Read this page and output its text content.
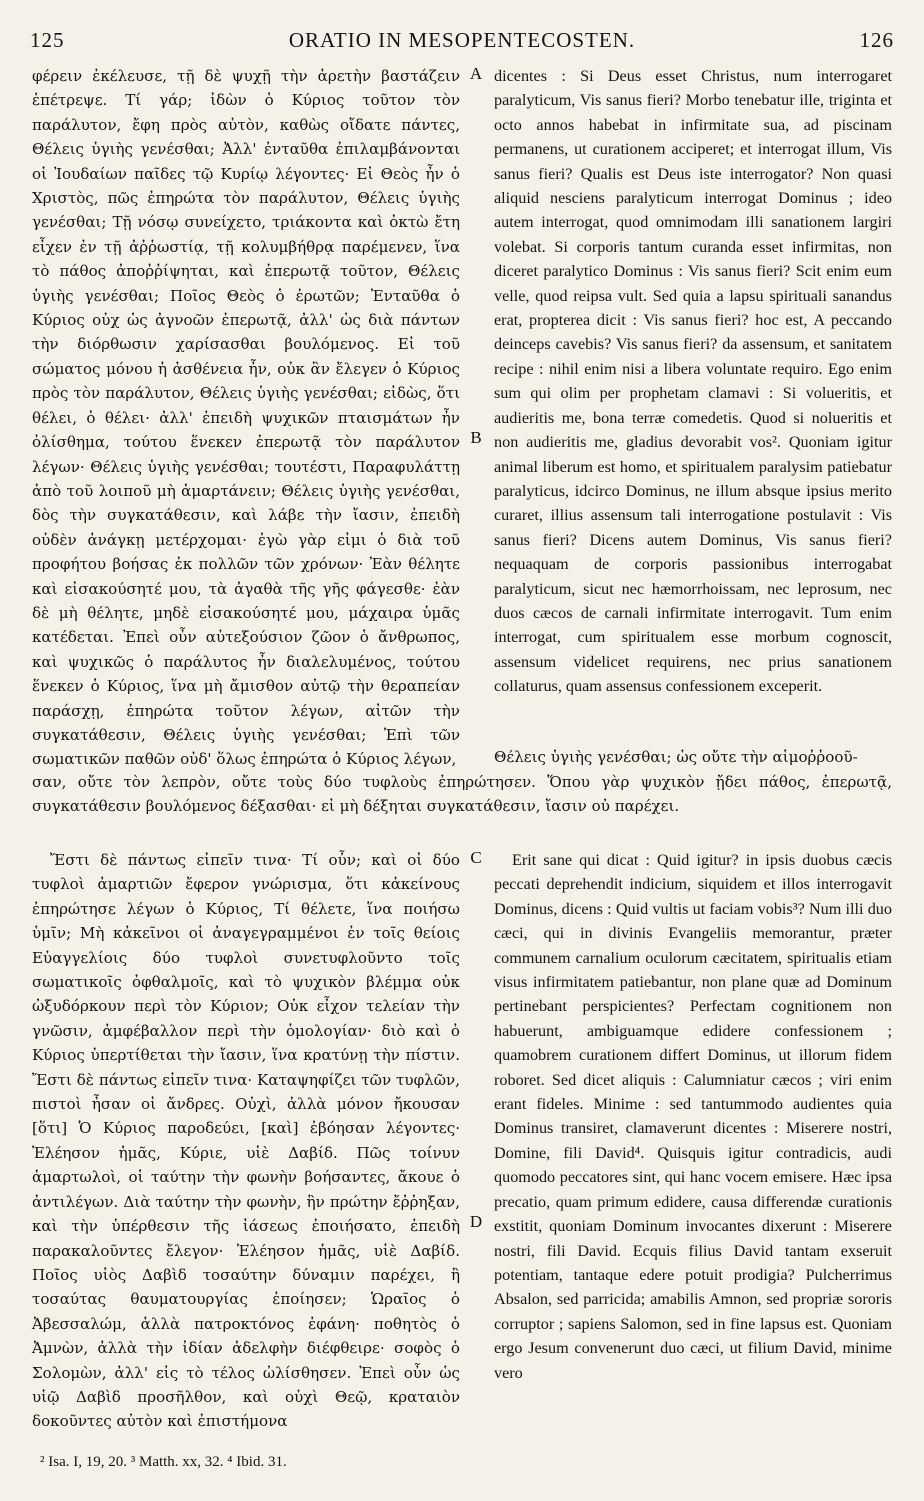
125	ORATIO IN MESOPENTECOSTEN.	126

φέρειν ἐκέλευσε, τῇ δὲ ψυχῇ τὴν ἀρετὴν βαστάζειν ἐπέτρεψε. Τί γάρ; ἰδὼν ὁ Κύριος τοῦτον τὸν παράλυτον, ἔφη πρὸς αὐτὸν, καθὼς οἴδατε πάντες, Θέλεις ὑγιὴς γενέσθαι; Ἀλλ' ἐνταῦθα ἐπιλαμβάνονται οἱ Ἰουδαίων παῖδες τῷ Κυρίῳ λέγοντες· Εἰ Θεὸς ἦν ὁ Χριστὸς, πῶς ἐπηρώτα τὸν παράλυτον, Θέλεις ὑγιὴς γενέσθαι; Τῇ νόσῳ συνείχετο, τριάκοντα καὶ ὀκτὼ ἔτη εἶχεν ἐν τῇ ἀῤῥωστίᾳ, τῇ κολυμβήθρᾳ παρέμενεν, ἵνα τὸ πάθος ἀποῤῥίψηται, καὶ ἐπερωτᾷ τοῦτον, Θέλεις ὑγιὴς γενέσθαι; Ποῖος Θεὸς ὁ ἐρωτῶν; Ἐνταῦθα ὁ Κύριος οὐχ ὡς ἀγνοῶν ἐπερωτᾷ, ἀλλ' ὡς διὰ πάντων τὴν διόρθωσιν χαρίσασθαι βουλόμενος. Εἰ τοῦ σώματος μόνου ἡ ἀσθένεια ἦν, οὐκ ἂν ἔλεγεν ὁ Κύριος πρὸς τὸν παράλυτον, Θέλεις ὑγιὴς γενέσθαι; εἰδὼς, ὅτι θέλει, ὁ θέλει· ἀλλ' ἐπειδὴ ψυχικῶν πταισμάτων ἦν ὀλίσθημα, τούτου ἕνεκεν ἐπερωτᾷ τὸν παράλυτον λέγων· Θέλεις ὑγιὴς γενέσθαι; τουτέστι, Παραφυλάττῃ ἀπὸ τοῦ λοιποῦ μὴ ἁμαρτάνειν; Θέλεις ὑγιὴς γενέσθαι, δὸς τὴν συγκατάθεσιν, καὶ λάβε τὴν ἴασιν, ἐπειδὴ οὐδὲν ἀνάγκῃ μετέρχομαι· ἐγὼ γὰρ εἰμι ὁ διὰ τοῦ προφήτου βοήσας ἐκ πολλῶν τῶν χρόνων· Ἐὰν θέλητε καὶ εἰσακούσητέ μου, τὰ ἀγαθὰ τῆς γῆς φάγεσθε· ἐὰν δὲ μὴ θέλητε, μηδὲ εἰσακούσητέ μου, μάχαιρα ὑμᾶς κατέδεται. Ἐπεὶ οὖν αὐτεξούσιον ζῶον ὁ ἄνθρωπος, καὶ ψυχικῶς ὁ παράλυτος ἦν διαλελυμένος, τούτου ἕνεκεν ὁ Κύριος, ἵνα μὴ ἄμισθον αὐτῷ τὴν θεραπείαν παράσχῃ, ἐπηρώτα τοῦτον λέγων, αἰτῶν τὴν συγκατάθεσιν, Θέλεις ὑγιὴς γενέσθαι; Ἐπὶ τῶν σωματικῶν παθῶν οὐδ' ὅλως ἐπηρώτα ὁ Κύριος λέγων,

dicentes : Si Deus esset Christus, num interrogaret paralyticum, Vis sanus fieri? Morbo tenebatur ille, triginta et octo annos habebat in infirmitate sua, ad piscinam permanens, ut curationem acciperet; et interrogat illum, Vis sanus fieri? Qualis est Deus iste interrogator? Non quasi aliquid nesciens paralyticum interrogat Dominus ; ideo autem interrogat, quod omnimodam illi sanationem largiri volebat. Si corporis tantum curanda esset infirmitas, non diceret paralytico Dominus : Vis sanus fieri? Scit enim eum velle, quod reipsa vult. Sed quia a lapsu spirituali sanandus erat, propterea dicit : Vis sanus fieri? hoc est, A peccando deinceps cavebis? Vis sanus fieri? da assensum, et sanitatem recipe : nihil enim nisi a libera voluntate requiro. Ego enim sum qui olim per prophetam clamavi : Si volueritis, et audieritis me, bona terræ comedetis. Quod si nolueritis et non audieritis me, gladius devorabit vos². Quoniam igitur animal liberum est homo, et spiritualem paralysim patiebatur paralyticus, idcirco Dominus, ne illum absque ipsius merito curaret, illius assensum tali interrogatione postulavit : Vis sanus fieri? Dicens autem Dominus, Vis sanus fieri? nequaquam de corporis passionibus interrogabat paralyticum, sicut nec hæmorrhoissam, nec leprosum, nec duos cæcos de carnali infirmitate interrogavit. Tum enim interrogat, cum spiritualem esse morbum cognoscit, assensum videlicet requirens, nec prius sanationem collaturus, quam assensus confessionem exceperit.

σαν, οὔτε τὸν λεπρὸν, οὔτε τοὺς δύο τυφλοὺς ἐπηρώτησεν. Ὅπου γὰρ ψυχικὸν ᾔδει πάθος, ἐπερωτᾷ, συγκατάθεσιν βουλόμενος δέξασθαι· εἰ μὴ δέξηται συγκατάθεσιν, ἴασιν οὐ παρέχει.

Θέλεις ὑγιὴς γενέσθαι; ὡς οὔτε τὴν αἱμοῤῥοοῦ-

Ἔστι δὲ πάντως εἰπεῖν τινα· Τί οὖν; καὶ οἱ δύο τυφλοὶ ἁμαρτιῶν ἔφερον γνώρισμα, ὅτι κἀκείνους ἐπηρώτησε λέγων ὁ Κύριος, Τί θέλετε, ἵνα ποιήσω ὑμῖν; Μὴ κἀκεῖνοι οἱ ἀναγεγραμμένοι ἐν τοῖς θείοις Εὐαγγελίοις δύο τυφλοὶ συνετυφλοῦντο τοῖς σωματικοῖς ὀφθαλμοῖς, καὶ τὸ ψυχικὸν βλέμμα οὐκ ὠξυδόρκουν περὶ τὸν Κύριον; Οὐκ εἶχον τελείαν τὴν γνῶσιν, ἀμφέβαλλον περὶ τὴν ὁμολογίαν· διὸ καὶ ὁ Κύριος ὑπερτίθεται τὴν ἴασιν, ἵνα κρατύνῃ τὴν πίστιν. Ἔστι δὲ πάντως εἰπεῖν τινα· Καταψηφίζει τῶν τυφλῶν, πιστοὶ ἦσαν οἱ ἄνδρες. Οὐχὶ, ἀλλὰ μόνον ἤκουσαν [ὅτι] Ὁ Κύριος παροδεύει, [καὶ] ἐβόησαν λέγοντες· Ἐλέησον ἡμᾶς, Κύριε, υἱὲ Δαβίδ. Πῶς τοίνυν ἁμαρτωλοὶ, οἱ ταύτην τὴν φωνὴν βοήσαντες, ἄκουε ὁ ἀντιλέγων. Διὰ ταύτην τὴν φωνὴν, ἣν πρώτην ἔῤῥηξαν, καὶ τὴν ὑπέρθεσιν τῆς ἰάσεως ἐποιήσατο, ἐπειδὴ παρακαλοῦντες ἔλεγον· Ἐλέησον ἡμᾶς, υἱὲ Δαβίδ. Ποῖος υἱὸς Δαβὶδ τοσαύτην δύναμιν παρέχει, ἢ τοσαύτας θαυματουργίας ἐποίησεν; Ὡραῖος ὁ Ἀβεσσαλώμ, ἀλλὰ πατροκτόνος ἐφάνη· ποθητὸς ὁ Ἀμνὼν, ἀλλὰ τὴν ἰδίαν ἀδελφὴν διέφθειρε· σοφὸς ὁ Σολομὼν, ἀλλ' εἰς τὸ τέλος ὠλίσθησεν. Ἐπεὶ οὖν ὡς υἱῷ Δαβὶδ προσῆλθον, καὶ οὐχὶ Θεῷ, κραταιὸν δοκοῦντες αὐτὸν καὶ ἐπιστήμονα

Erit sane qui dicat : Quid igitur? in ipsis duobus cæcis peccati deprehendit indicium, siquidem et illos interrogavit Dominus, dicens : Quid vultis ut faciam vobis³? Num illi duo cæci, qui in divinis Evangeliis memorantur, præter communem carnalium oculorum cæcitatem, spiritualis etiam visus infirmitatem patiebantur, non plane quæ ad Dominum pertinebant perspicientes? Perfectam cognitionem non habuerunt, ambiguamque edidere confessionem ; quamobrem curationem differt Dominus, ut illorum fidem roboret. Sed dicet aliquis : Calumniatur cæcos ; viri enim erant fideles. Minime : sed tantummodo audientes quia Dominus transiret, clamaverunt dicentes : Miserere nostri, Domine, fili David⁴. Quisquis igitur contradicis, audi quomodo peccatores sint, qui hanc vocem emisere. Hæc ipsa precatio, quam primum edidere, causa differendæ curationis exstitit, quoniam Dominum invocantes dixerunt : Miserere nostri, fili David. Ecquis filius David tantam exseruit potentiam, tantaque edere potuit prodigia? Pulcherrimus Absalon, sed parricida; amabilis Amnon, sed propriæ sororis corruptor ; sapiens Salomon, sed in fine lapsus est. Quoniam ergo Jesum convenerunt duo cæci, ut filium David, minime vero

A
B
C
D
² Isa. I, 19, 20. ³ Matth. xx, 32. ⁴ Ibid. 31.
